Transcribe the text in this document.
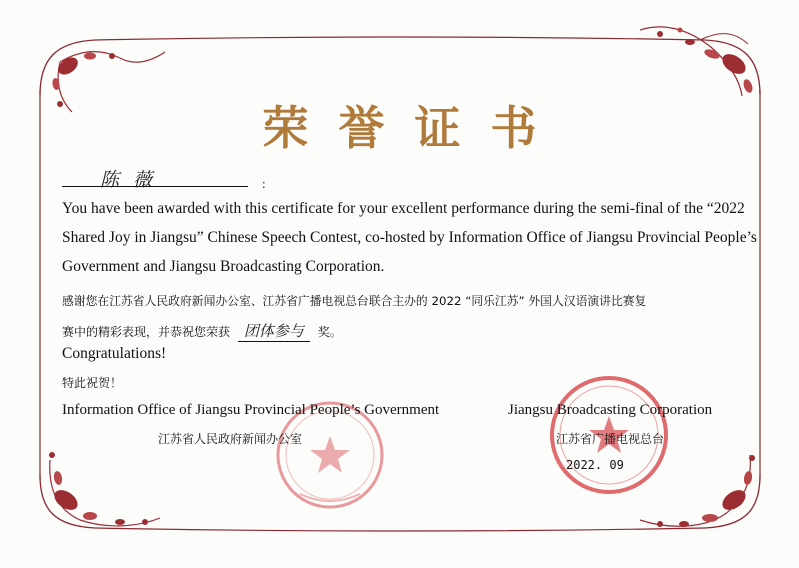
荣誉证书
陈 薇	:
You have been awarded with this certificate for your excellent performance during the semi-final of the “2022
Shared Joy in Jiangsu” Chinese Speech Contest, co-hosted by Information Office of Jiangsu Provincial People’s
Government and Jiangsu Broadcasting Corporation.
感谢您在江苏省人民政府新闻办公室、江苏省广播电视总台联合主办的 2022 “同乐江苏” 外国人汉语演讲比赛复
赛中的精彩表现，并恭祝您荣获 团体参与 奖。
Congratulations!
特此祝贺！
Information Office of Jiangsu Provincial People’s Government
江苏省人民政府新闻办公室
Jiangsu Broadcasting Corporation
江苏省广播电视总台
2022. 09
